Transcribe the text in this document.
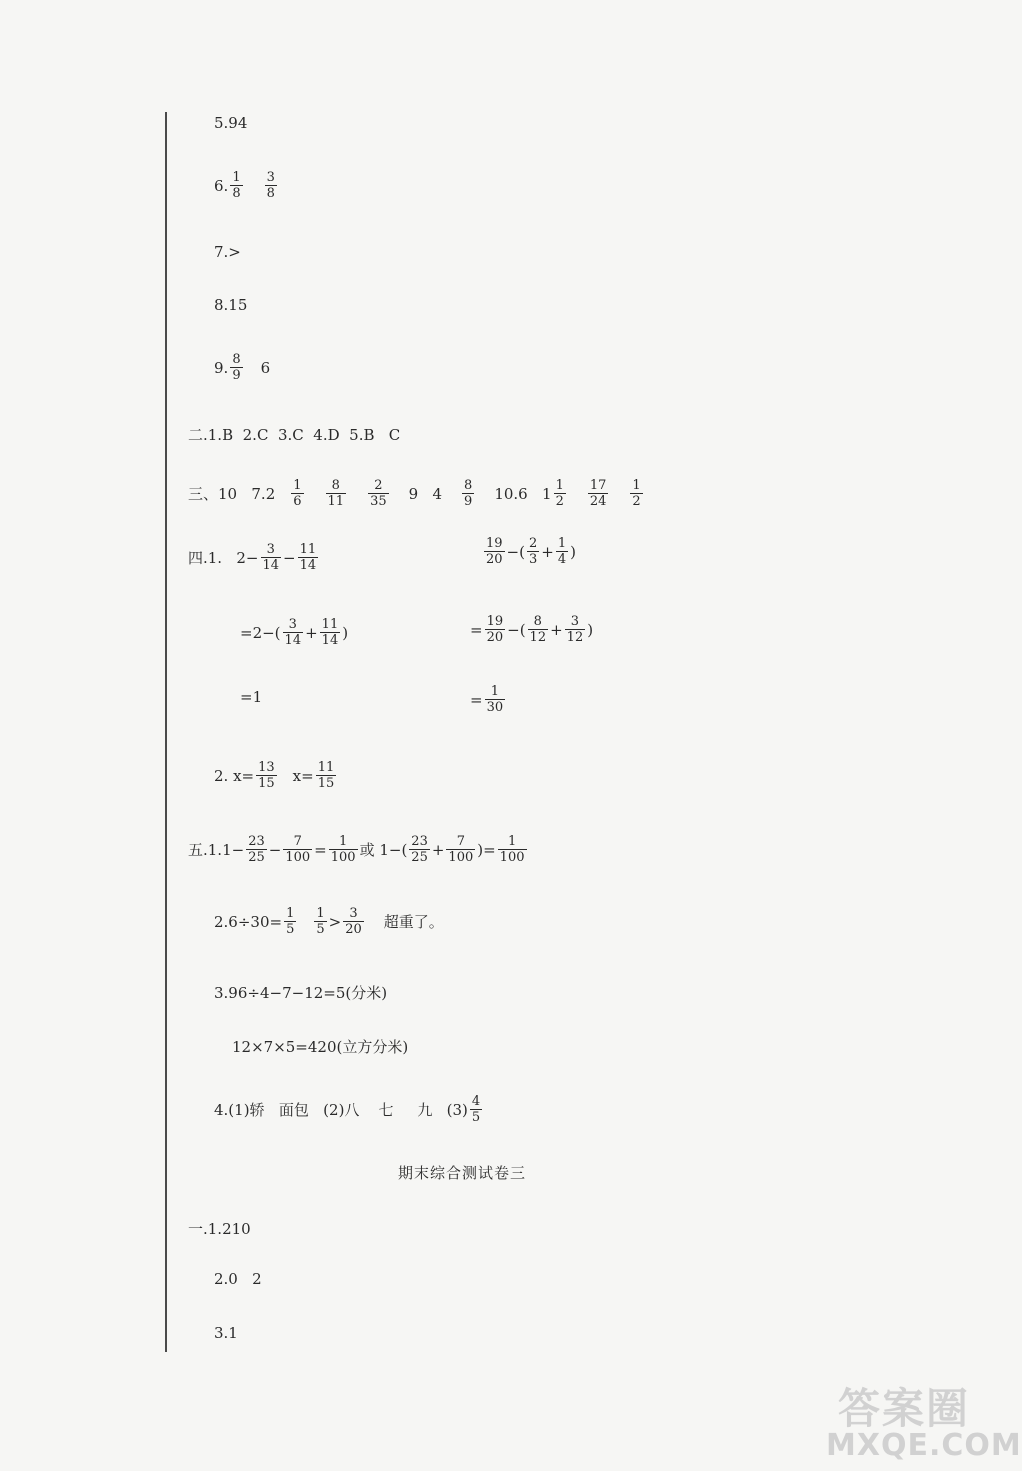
5.94
6. $\frac{1}{8} \frac{3}{8}$
7.>
8.15
9. $\frac{8}{9} 6$
二.1.B  2.C  3.C  4.D  5.B   C
三、10   $7.2 \frac{1}{6} \frac{8}{11} \frac{2}{35} 9$   $4 \frac{8}{9} 10.6$   $1 \frac{1}{2} \frac{17}{24} \frac{1}{2}$
四.1.   $2- \frac{3}{14} - \frac{11}{14}$	$\frac{19}{20}$ −( $\frac{2}{3} + \frac{1}{4}$ )
$=2-( \frac{3}{14} + \frac{11}{14}$ )	= $\frac{19}{20}$ −( $\frac{8}{12} + \frac{3}{12}$ )
=1	= $\frac{1}{30}$
2. $x= \frac{13}{15} x= \frac{11}{15}$
五$.1.1- \frac{23}{25} - \frac{7}{100} = \frac{1}{100}$ 或 $1-( \frac{23}{25} + \frac{7}{100}$ )= $\frac{1}{100}$
$2.6\div 30= \frac{1}{5} \frac{1}{5} > \frac{3}{20}$ 超重了。
3.96÷4−7−12=5(分米)
12×7×5=420(立方分米)
4.(1)轿   面包   (2)八    七     九   $(3) \frac{4}{5}$
期末综合测试卷三
一.1.210
2.0   2
3.1
答案圈
MXQE.COM
